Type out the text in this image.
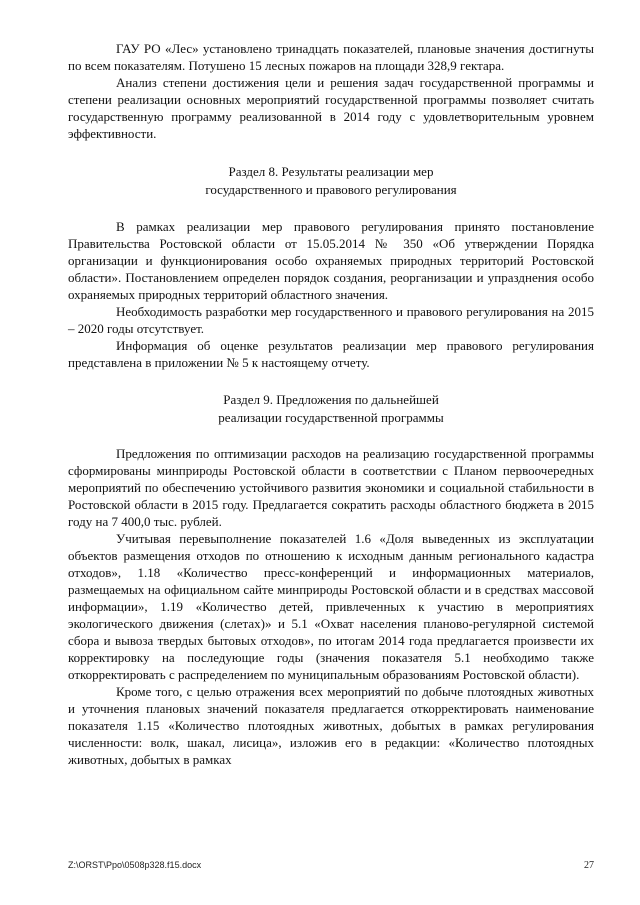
ГАУ РО «Лес» установлено тринадцать показателей, плановые значения достигнуты по всем показателям. Потушено 15 лесных пожаров на площади 328,9 гектара.

Анализ степени достижения цели и решения задач государственной программы и степени реализации основных мероприятий государственной программы позволяет считать государственную программу реализованной в 2014 году с удовлетворительным уровнем эффективности.

Раздел 8. Результаты реализации мер
государственного и правового регулирования

В рамках реализации мер правового регулирования принято постановление Правительства Ростовской области от 15.05.2014 № 350 «Об утверждении Порядка организации и функционирования особо охраняемых природных территорий Ростовской области». Постановлением определен порядок создания, реорганизации и упразднения особо охраняемых природных территорий областного значения.

Необходимость разработки мер государственного и правового регулирования на 2015 – 2020 годы отсутствует.

Информация об оценке результатов реализации мер правового регулирования представлена в приложении № 5 к настоящему отчету.

Раздел 9. Предложения по дальнейшей
реализации государственной программы

Предложения по оптимизации расходов на реализацию государственной программы сформированы минприроды Ростовской области в соответствии с Планом первоочередных мероприятий по обеспечению устойчивого развития экономики и социальной стабильности в Ростовской области в 2015 году. Предлагается сократить расходы областного бюджета в 2015 году на 7 400,0 тыс. рублей.

Учитывая перевыполнение показателей 1.6 «Доля выведенных из эксплуатации объектов размещения отходов по отношению к исходным данным регионального кадастра отходов», 1.18 «Количество пресс-конференций и информационных материалов, размещаемых на официальном сайте минприроды Ростовской области и в средствах массовой информации», 1.19 «Количество детей, привлеченных к участию в мероприятиях экологического движения (слетах)» и 5.1 «Охват населения планово-регулярной системой сбора и вывоза твердых бытовых отходов», по итогам 2014 года предлагается произвести их корректировку на последующие годы (значения показателя 5.1 необходимо также откорректировать с распределением по муниципальным образованиям Ростовской области).

Кроме того, с целью отражения всех мероприятий по добыче плотоядных животных и уточнения плановых значений показателя предлагается откорректировать наименование показателя 1.15 «Количество плотоядных животных, добытых в рамках регулирования численности: волк, шакал, лисица», изложив его в редакции: «Количество плотоядных животных, добытых в рамках

Z:\ORST\Ppo\0508p328.f15.docx	27
